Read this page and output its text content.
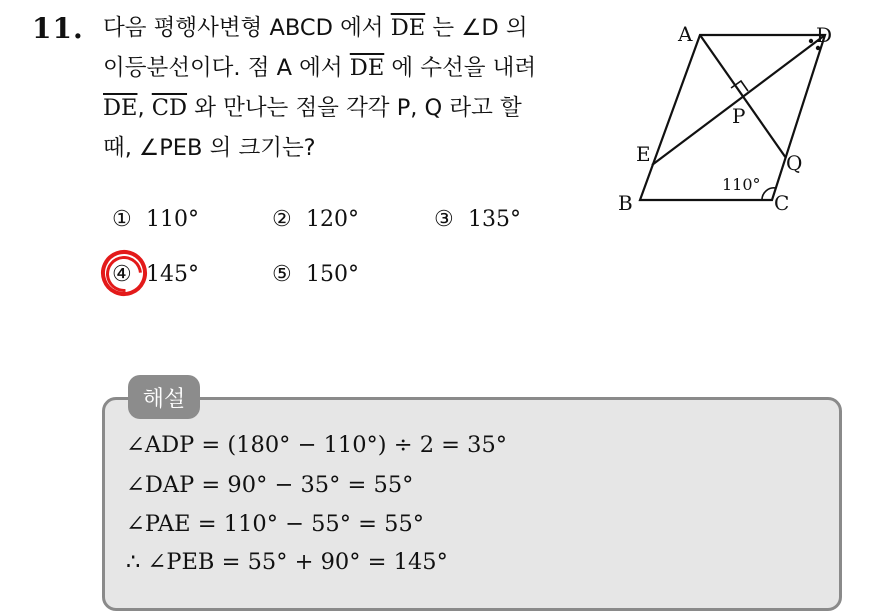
11. 다음 평행사변형 ABCD 에서 $\overline{DE}$ 는 ∠D 의
이등분선이다. 점 A 에서 $\overline{DE}$ 에 수선을 내려
$\overline{DE}$, $\overline{CD}$ 와 만나는 점을 각각 P, Q 라고 할
때, ∠PEB 의 크기는?
① 110°	② 120°	③ 135°
④ 145°	⑤ 150°
A	D
B	C
E
P
Q
110°
해설
∠ADP = (180° − 110°) ÷ 2 = 35°
∠DAP = 90° − 35° = 55°
∠PAE = 110° − 55° = 55°
∴ ∠PEB = 55° + 90° = 145°
